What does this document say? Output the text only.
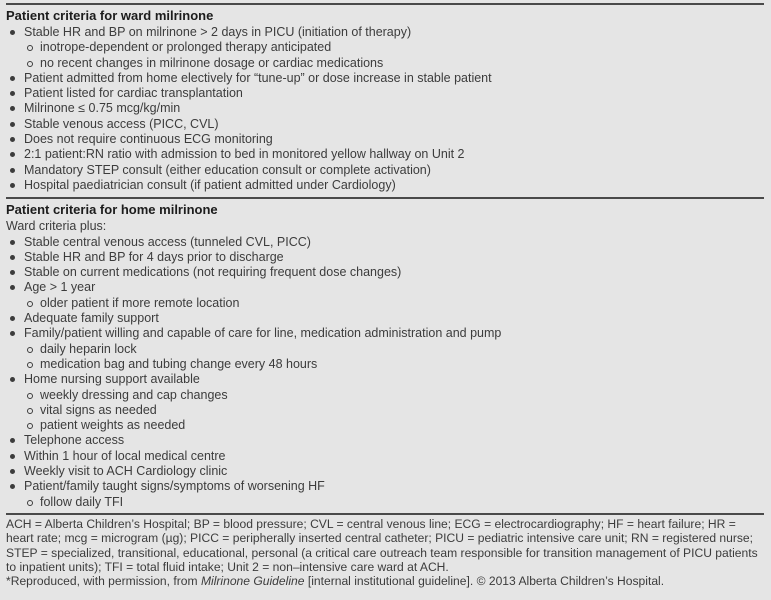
Patient criteria for ward milrinone
Stable HR and BP on milrinone > 2 days in PICU (initiation of therapy)
inotrope-dependent or prolonged therapy anticipated
no recent changes in milrinone dosage or cardiac medications
Patient admitted from home electively for “tune-up” or dose increase in stable patient
Patient listed for cardiac transplantation
Milrinone ≤ 0.75 mcg/kg/min
Stable venous access (PICC, CVL)
Does not require continuous ECG monitoring
2:1 patient:RN ratio with admission to bed in monitored yellow hallway on Unit 2
Mandatory STEP consult (either education consult or complete activation)
Hospital paediatrician consult (if patient admitted under Cardiology)
Patient criteria for home milrinone
Ward criteria plus:
Stable central venous access (tunneled CVL, PICC)
Stable HR and BP for 4 days prior to discharge
Stable on current medications (not requiring frequent dose changes)
Age > 1 year
older patient if more remote location
Adequate family support
Family/patient willing and capable of care for line, medication administration and pump
daily heparin lock
medication bag and tubing change every 48 hours
Home nursing support available
weekly dressing and cap changes
vital signs as needed
patient weights as needed
Telephone access
Within 1 hour of local medical centre
Weekly visit to ACH Cardiology clinic
Patient/family taught signs/symptoms of worsening HF
follow daily TFI

ACH = Alberta Children’s Hospital; BP = blood pressure; CVL = central venous line; ECG = electrocardiography; HF = heart failure; HR = heart rate; mcg = microgram (µg); PICC = peripherally inserted central catheter; PICU = pediatric intensive care unit; RN = registered nurse; STEP = specialized, transitional, educational, personal (a critical care outreach team responsible for transition management of PICU patients to inpatient units); TFI = total fluid intake; Unit 2 = non–intensive care ward at ACH.

*Reproduced, with permission, from Milrinone Guideline [internal institutional guideline]. © 2013 Alberta Children’s Hospital.
